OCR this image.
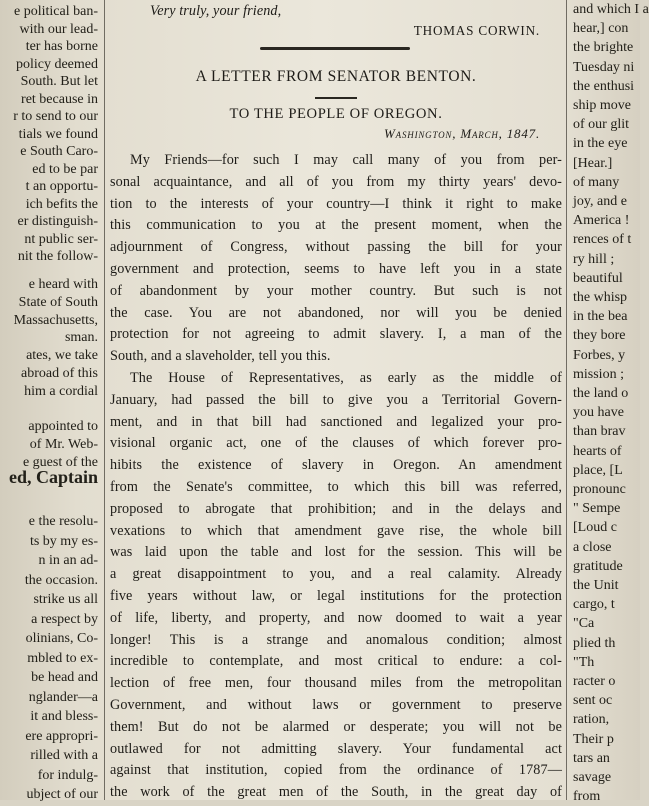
e political ban-
with our lead-
ter has borne
policy deemed
South. But let
ret because in
r to send to our
tials we found
e South Caro-
ed to be par
t an opportu-
ich befits the
er distinguish-
nt public ser-
nit the follow-
e heard with
State of South
Massachusetts,
sman.
ates, we take
abroad of this
him a cordial
appointed to
of Mr. Web-
e guest of the
ed, Captain
e the resolu-
ts by my es-
n in an ad-
the occasion.
strike us all
a respect by
olinians, Co-
mbled to ex-
be head and
nglander—a
it and bless-
ere appropri-
rilled with a
for indulg-
ubject of our
Very truly, your friend,
THOMAS CORWIN.
A LETTER FROM SENATOR BENTON.
TO THE PEOPLE OF OREGON.
Washington, March, 1847.
My Friends—for such I may call many of you from per-
sonal acquaintance, and all of you from my thirty years' devo-
tion to the interests of your country—I think it right to make
this communication to you at the present moment, when the
adjournment of Congress, without passing the bill for your
government and protection, seems to have left you in a state
of abandonment by your mother country. But such is not
the case. You are not abandoned, nor will you be denied
protection for not agreeing to admit slavery. I, a man of the
South, and a slaveholder, tell you this.
The House of Representatives, as early as the middle of
January, had passed the bill to give you a Territorial Govern-
ment, and in that bill had sanctioned and legalized your pro-
visional organic act, one of the clauses of which forever pro-
hibits the existence of slavery in Oregon. An amendment
from the Senate's committee, to which this bill was referred,
proposed to abrogate that prohibition; and in the delays and
vexations to which that amendment gave rise, the whole bill
was laid upon the table and lost for the session. This will be
a great disappointment to you, and a real calamity. Already
five years without law, or legal institutions for the protection
of life, liberty, and property, and now doomed to wait a year
longer! This is a strange and anomalous condition; almost
incredible to contemplate, and most critical to endure: a col-
lection of free men, four thousand miles from the metropolitan
Government, and without laws or government to preserve
them! But do not be alarmed or desperate; you will not be
outlawed for not admitting slavery. Your fundamental act
against that institution, copied from the ordinance of 1787—
the work of the great men of the South, in the great day of
and which I a
hear,] con
the brighte
Tuesday ni
the enthusi
ship move
of our glit
in the eye
[Hear.]
of many
joy, and e
America !
rences of t
ry hill ;
beautiful
the whisp
in the bea
they bore
Forbes, y
mission ;
the land o
you have
than brav
hearts of
place, [L
pronounc
" Sempe
[Loud c
a close
gratitude
the Unit
cargo, t
"Ca
plied th
"Th
racter o
sent oc
ration,
Their p
tars an
savage
from
